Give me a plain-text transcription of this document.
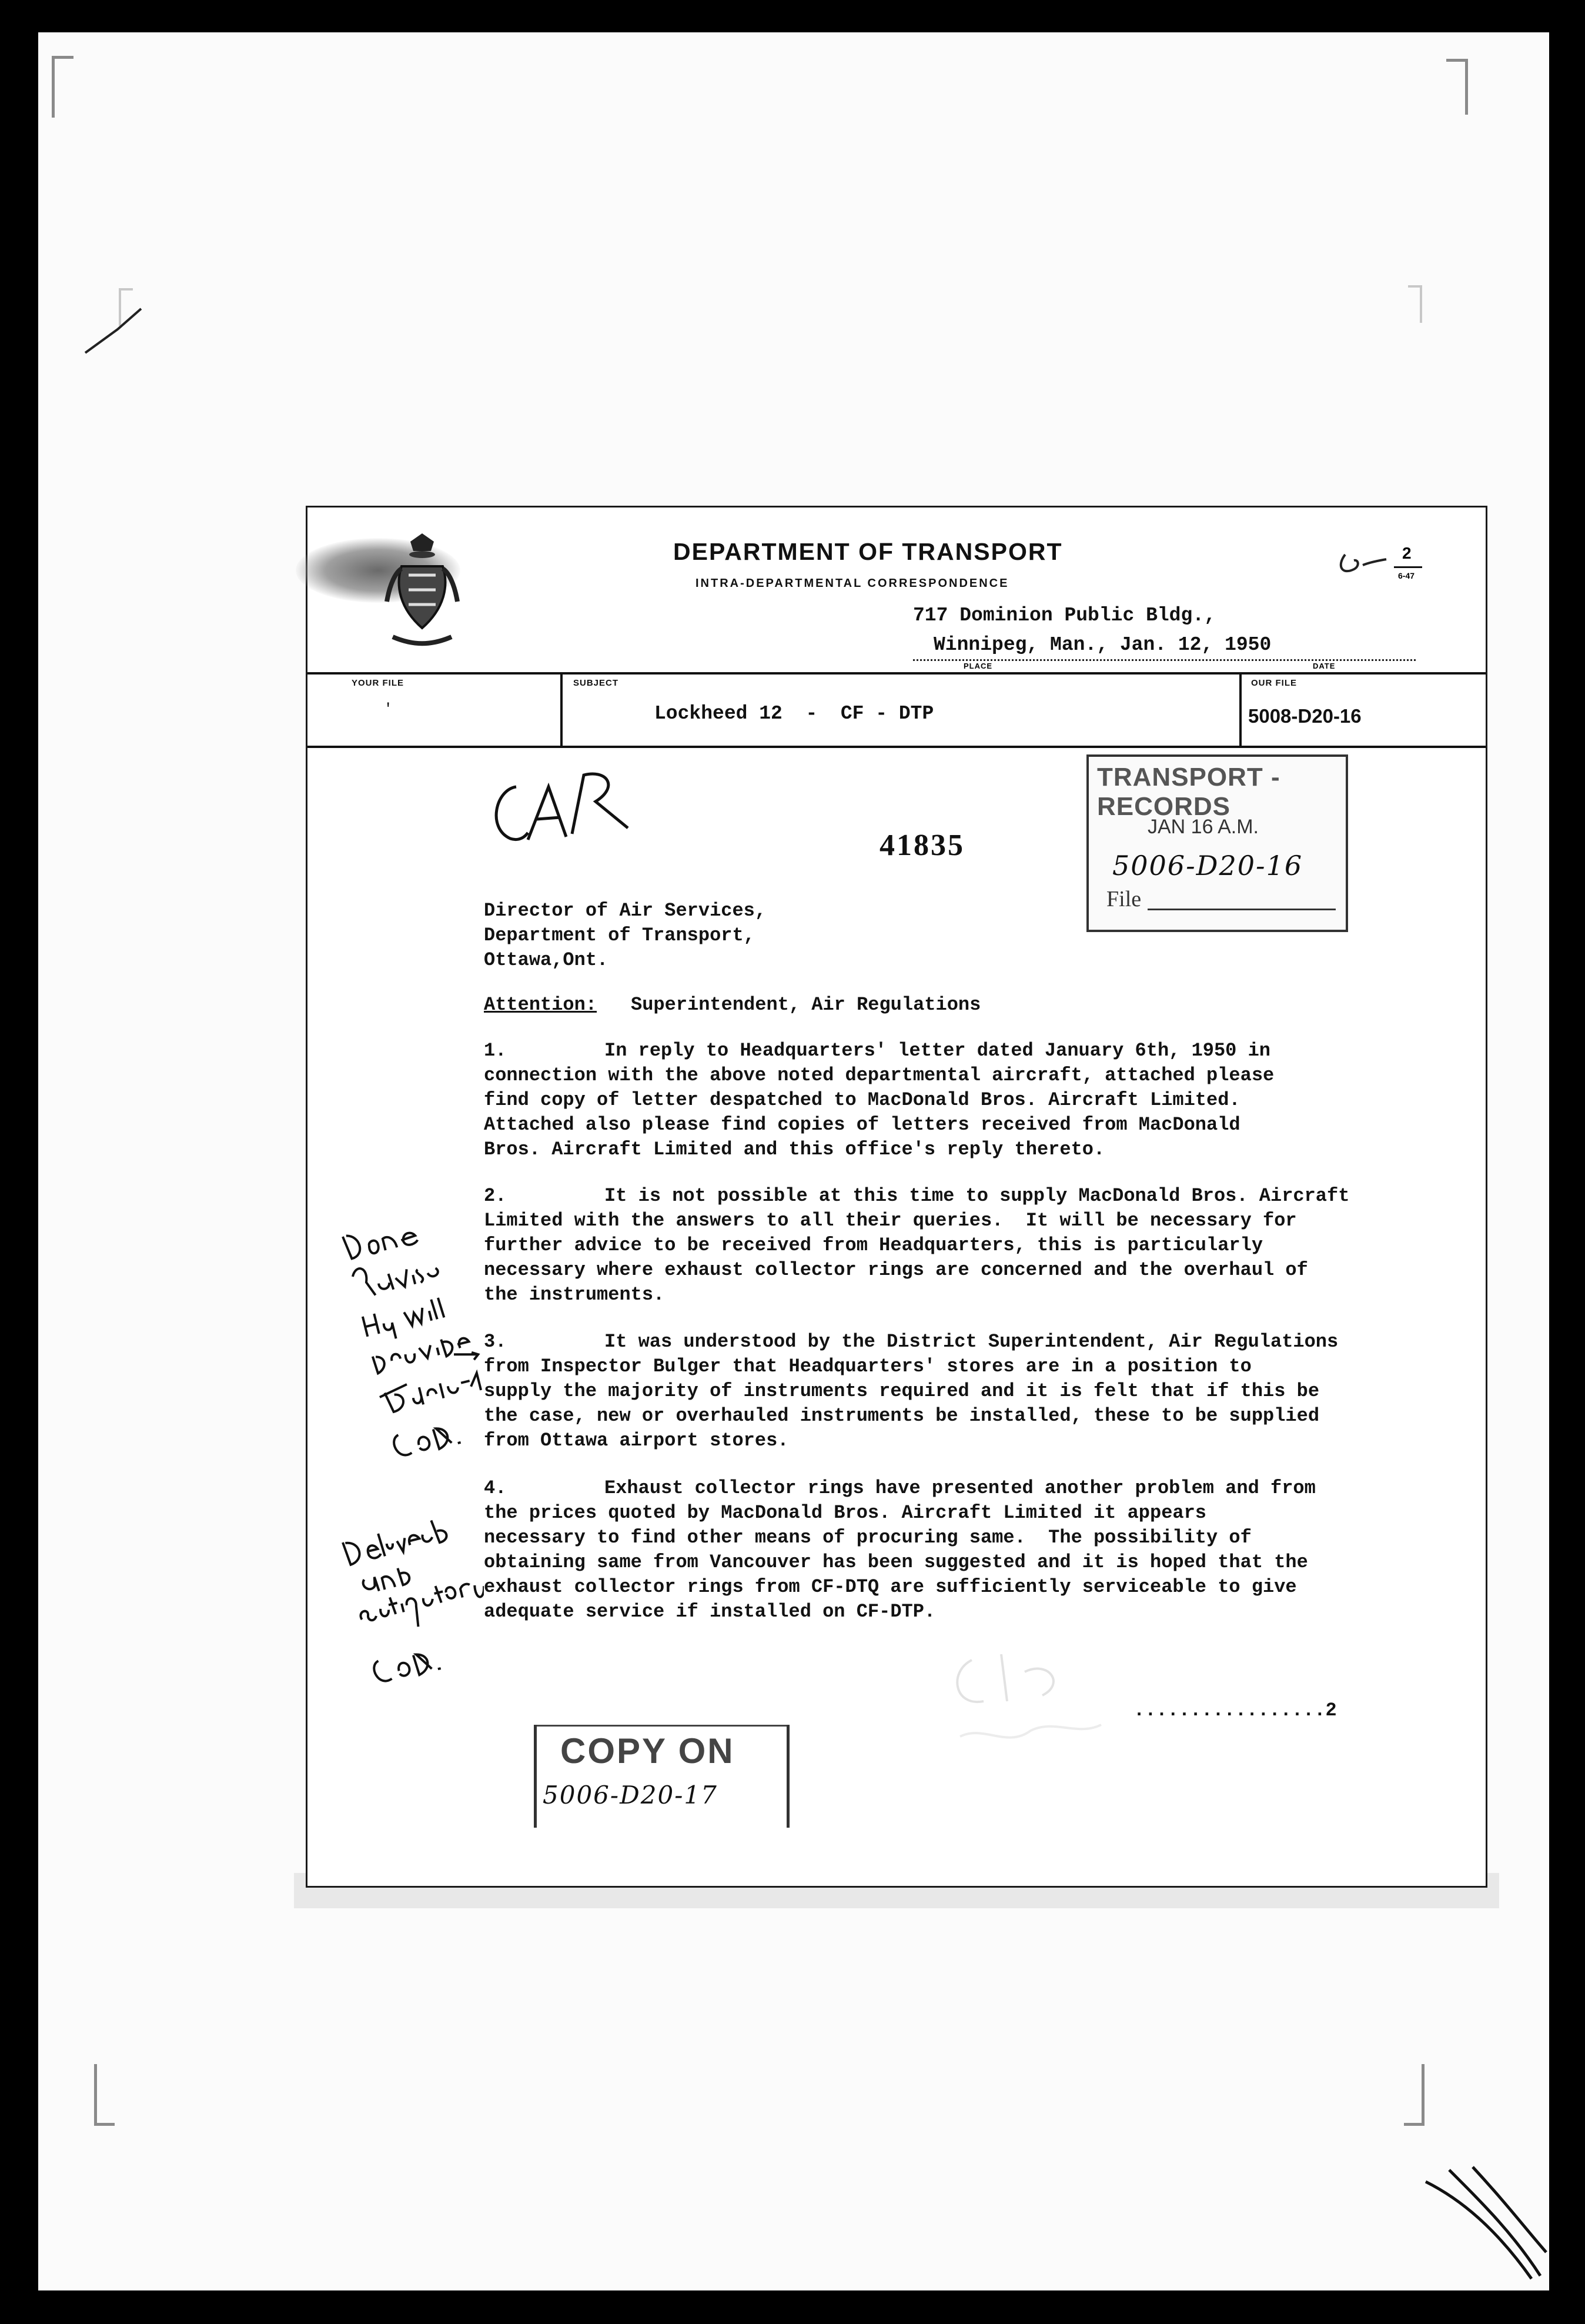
DEPARTMENT OF TRANSPORT
INTRA-DEPARTMENTAL CORRESPONDENCE
2
6-47
717 Dominion Public Bldg.,
Winnipeg, Man., Jan. 12, 1950
PLACE	DATE
YOUR FILE	SUBJECT	OUR FILE
'	Lockheed 12  -  CF - DTP	5008-D20-16
41835
TRANSPORT - RECORDS
JAN 16 A.M.
5006-D20-16
File
Director of Air Services,
Department of Transport,
Ottawa,Ont.
Attention: Superintendent, Air Regulations
1.	In reply to Headquarters' letter dated January 6th, 1950 in
connection with the above noted departmental aircraft, attached please
find copy of letter despatched to MacDonald Bros. Aircraft Limited.
Attached also please find copies of letters received from MacDonald
Bros. Aircraft Limited and this office's reply thereto.
2.	It is not possible at this time to supply MacDonald Bros. Aircraft
Limited with the answers to all their queries.  It will be necessary for
further advice to be received from Headquarters, this is particularly
necessary where exhaust collector rings are concerned and the overhaul of
the instruments.
3.	It was understood by the District Superintendent, Air Regulations
from Inspector Bulger that Headquarters' stores are in a position to
supply the majority of instruments required and it is felt that if this be
the case, new or overhauled instruments be installed, these to be supplied
from Ottawa airport stores.
4.	Exhaust collector rings have presented another problem and from
the prices quoted by MacDonald Bros. Aircraft Limited it appears
necessary to find other means of procuring same.  The possibility of
obtaining same from Vancouver has been suggested and it is hoped that the
exhaust collector rings from CF-DTQ are sufficiently serviceable to give
adequate service if installed on CF-DTP.
.................2
COPY ON
5006-D20-17
